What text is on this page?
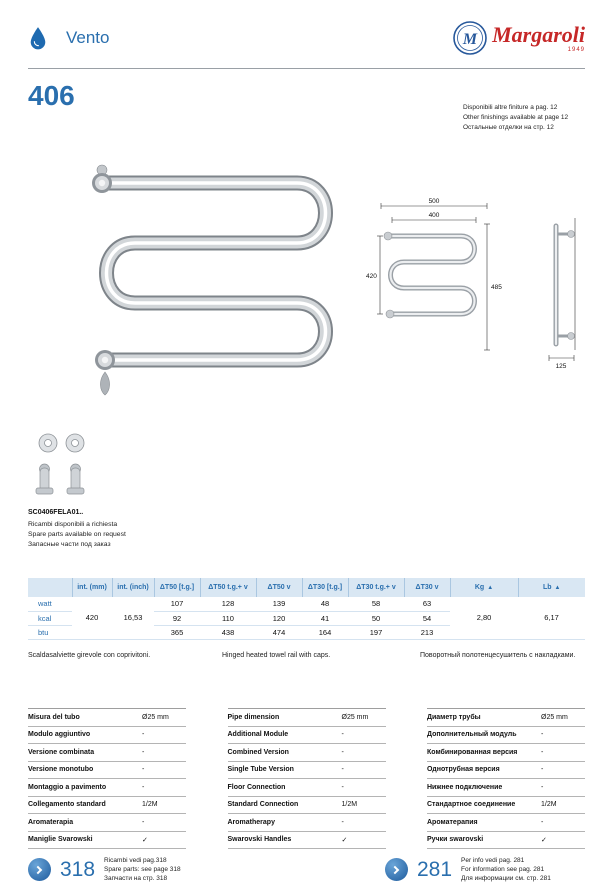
Vento	M Margaroli
1949
406	Disponibili altre finiture a pag. 12
Other finishings available at page 12
Остальные отделки на стр. 12
500
400
420
485
125
SC0406FELA01..
Ricambi disponibili a richiesta
Spare parts available on request
Запасные части под заказ
	int. (mm)	int. (inch)	ΔT50 [t.g.]	ΔT50 t.g.+ v	ΔT50 v	ΔT30 [t.g.]	ΔT30 t.g.+ v	ΔT30 v	Kg ▲	Lb ▲
watt	420	16,53	107	128	139	48	58	63	2,80	6,17
kcal			92	110	120	41	50	54		
btu			365	438	474	164	197	213		
Scaldasalviette girevole con coprivitoni.	Hinged heated towel rail with caps.	Поворотный полотенцесушитель с накладками.
Misura del tubo	Ø25 mm
Modulo aggiuntivo	-
Versione combinata	-
Versione monotubo	-
Montaggio a pavimento	-
Collegamento standard	1/2M
Aromaterapia	-
Maniglie Svarowski	✓
Pipe dimension	Ø25 mm
Additional Module	-
Combined Version	-
Single Tube Version	-
Floor Connection	-
Standard Connection	1/2M
Aromatherapy	-
Swarovski Handles	✓
Диаметр трубы	Ø25 mm
Дополнительный модуль	-
Комбинированная версия	-
Однотрубная версия	-
Нижнее подключение	-
Стандартное соединение	1/2M
Ароматерапия	-
Ручки swarovski	✓
318 Ricambi vedi pag.318
Spare parts: see page 318
Запчасти на стр. 318	281 Per info vedi pag. 281
For information see pag. 281
Для информации см. стр. 281
